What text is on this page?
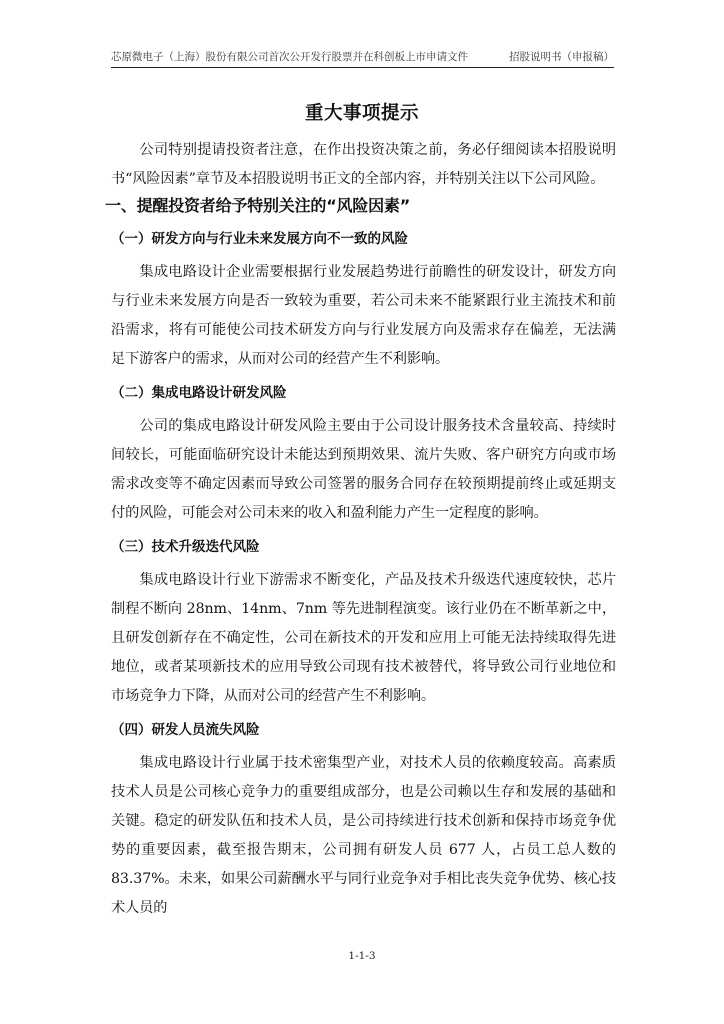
芯原微电子（上海）股份有限公司首次公开发行股票并在科创板上市申请文件	招股说明书（申报稿）
重大事项提示

公司特别提请投资者注意，在作出投资决策之前，务必仔细阅读本招股说明书“风险因素”章节及本招股说明书正文的全部内容，并特别关注以下公司风险。

一、提醒投资者给予特别关注的“风险因素”
（一）研发方向与行业未来发展方向不一致的风险

集成电路设计企业需要根据行业发展趋势进行前瞻性的研发设计，研发方向与行业未来发展方向是否一致较为重要，若公司未来不能紧跟行业主流技术和前沿需求，将有可能使公司技术研发方向与行业发展方向及需求存在偏差，无法满足下游客户的需求，从而对公司的经营产生不利影响。

（二）集成电路设计研发风险

公司的集成电路设计研发风险主要由于公司设计服务技术含量较高、持续时间较长，可能面临研究设计未能达到预期效果、流片失败、客户研究方向或市场需求改变等不确定因素而导致公司签署的服务合同存在较预期提前终止或延期支付的风险，可能会对公司未来的收入和盈利能力产生一定程度的影响。

（三）技术升级迭代风险

集成电路设计行业下游需求不断变化，产品及技术升级迭代速度较快，芯片制程不断向 28nm、14nm、7nm 等先进制程演变。该行业仍在不断革新之中，且研发创新存在不确定性，公司在新技术的开发和应用上可能无法持续取得先进地位，或者某项新技术的应用导致公司现有技术被替代，将导致公司行业地位和市场竞争力下降，从而对公司的经营产生不利影响。

（四）研发人员流失风险

集成电路设计行业属于技术密集型产业，对技术人员的依赖度较高。高素质技术人员是公司核心竞争力的重要组成部分，也是公司赖以生存和发展的基础和关键。稳定的研发队伍和技术人员，是公司持续进行技术创新和保持市场竞争优势的重要因素，截至报告期末，公司拥有研发人员 677 人，占员工总人数的 83.37%。未来，如果公司薪酬水平与同行业竞争对手相比丧失竞争优势、核心技术人员的

1-1-3
